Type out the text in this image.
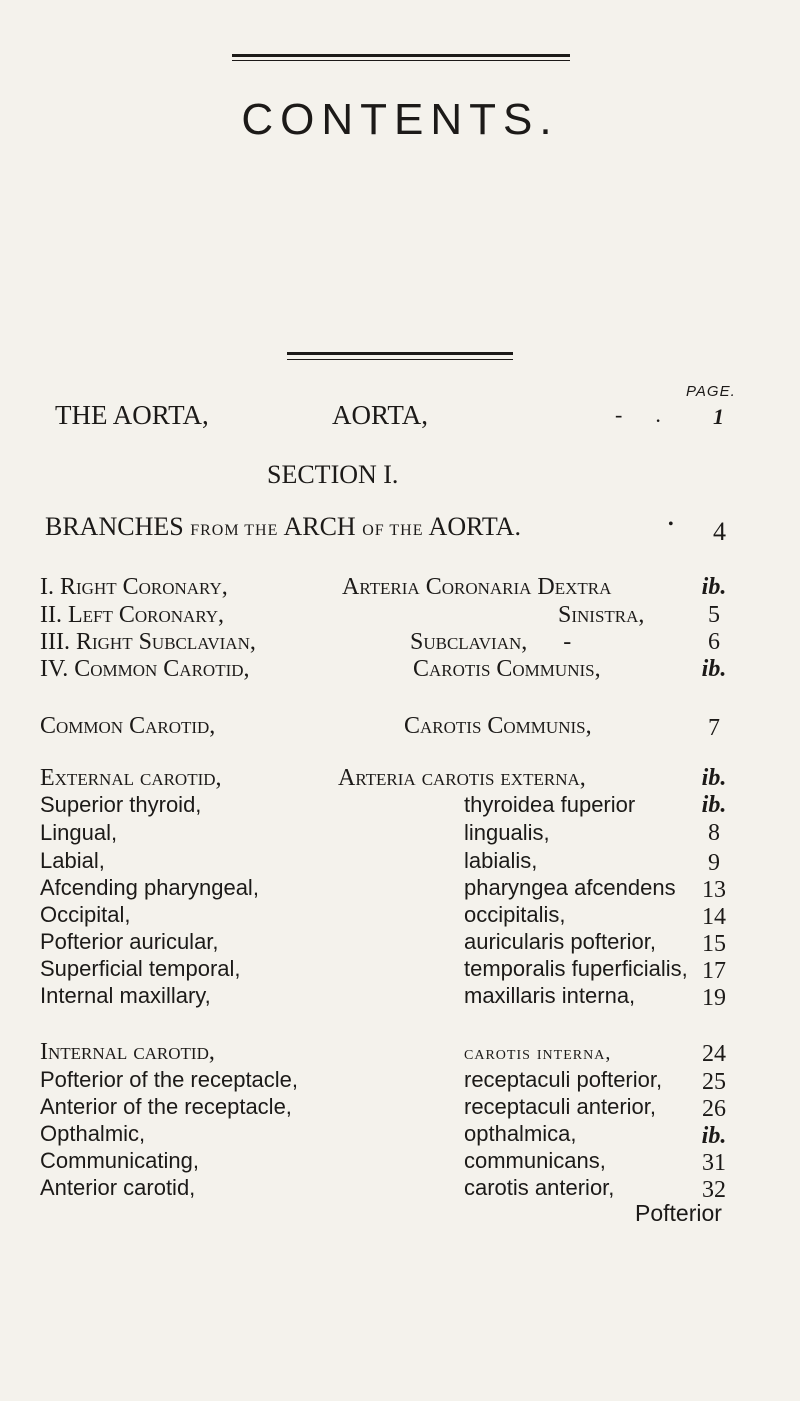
CONTENTS.
PAGE.
THE AORTA,	AORTA,	-      . 1
SECTION I.
BRANCHES FROM THE ARCH OF THE AORTA.	• 4
I. Right Coronary,	Arteria Coronaria Dextra	ib.
II. Left Coronary,	Sinistra,	5
III. Right Subclavian,	Subclavian,      -	6
IV. Common Carotid,	Carotis Communis,	ib.
Common Carotid,	Carotis Communis,	7
External carotid,	Arteria carotis externa,	ib.
Superior thyroid,	thyroidea fuperior	ib.
Lingual,	lingualis,	8
Labial,	labialis,	9
Afcending pharyngeal,	pharyngea afcendens	13
Occipital,	occipitalis,	14
Pofterior auricular,	auricularis pofterior,	15
Superficial temporal,	temporalis fuperficialis, 17
Internal maxillary,	maxillaris interna,	19
Internal carotid,	carotis interna,	24
Pofterior of the receptacle,	receptaculi pofterior,	25
Anterior of the receptacle,	receptaculi anterior,	26
Opthalmic,	opthalmica,	ib.
Communicating,	communicans,	31
Anterior carotid,	carotis anterior,	32
Pofterior
